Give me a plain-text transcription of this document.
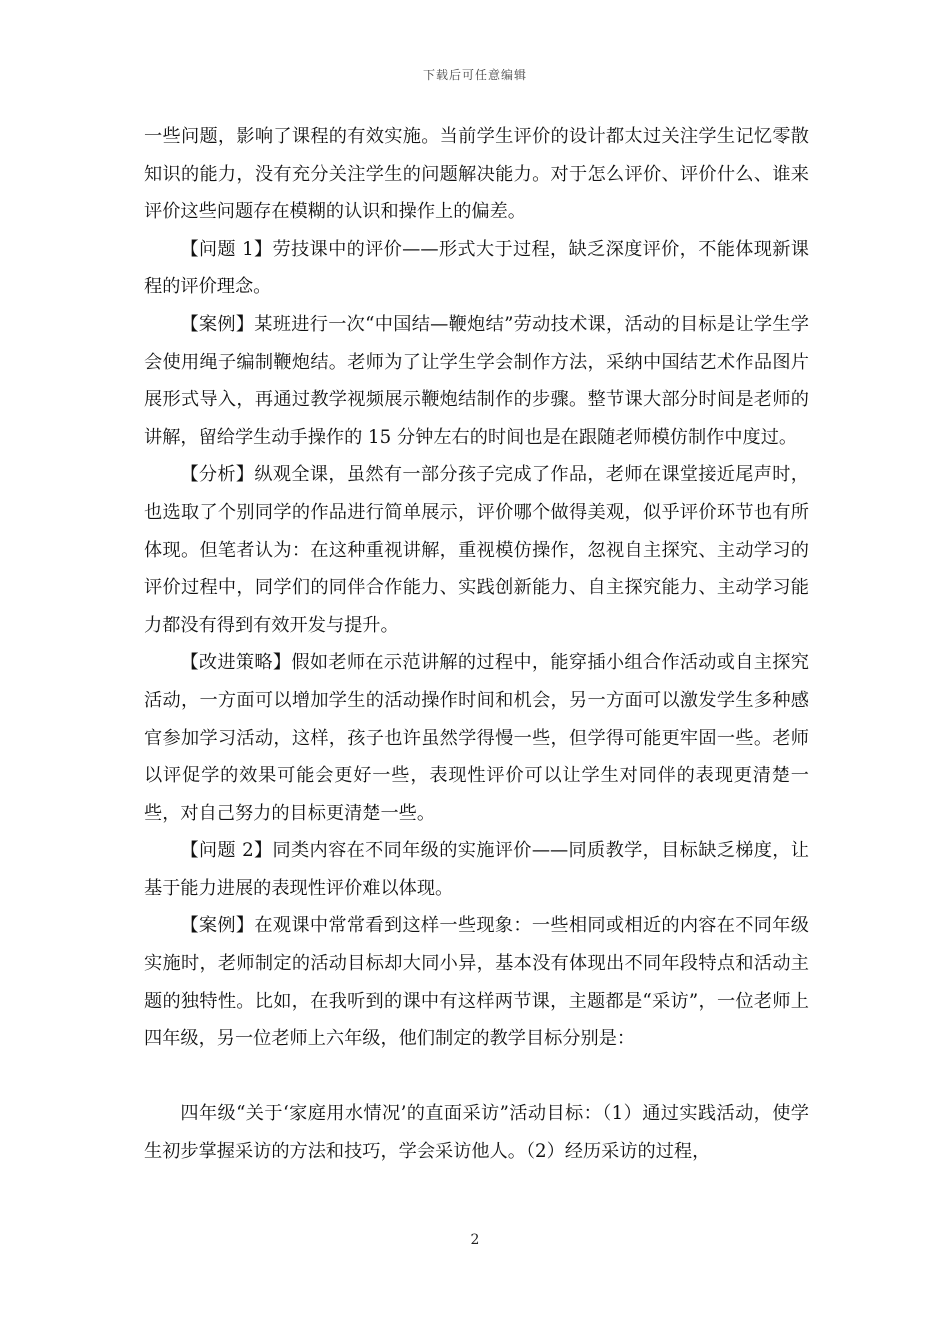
下载后可任意编辑

一些问题，影响了课程的有效实施。当前学生评价的设计都太过关注学生记忆零散知识的能力，没有充分关注学生的问题解决能力。对于怎么评价、评价什么、谁来评价这些问题存在模糊的认识和操作上的偏差。

【问题 1】劳技课中的评价——形式大于过程，缺乏深度评价，不能体现新课程的评价理念。

【案例】某班进行一次“中国结—鞭炮结”劳动技术课，活动的目标是让学生学会使用绳子编制鞭炮结。老师为了让学生学会制作方法，采纳中国结艺术作品图片展形式导入，再通过教学视频展示鞭炮结制作的步骤。整节课大部分时间是老师的讲解，留给学生动手操作的 15 分钟左右的时间也是在跟随老师模仿制作中度过。

【分析】纵观全课，虽然有一部分孩子完成了作品，老师在课堂接近尾声时，也选取了个别同学的作品进行简单展示，评价哪个做得美观，似乎评价环节也有所体现。但笔者认为：在这种重视讲解，重视模仿操作，忽视自主探究、主动学习的评价过程中，同学们的同伴合作能力、实践创新能力、自主探究能力、主动学习能力都没有得到有效开发与提升。

【改进策略】假如老师在示范讲解的过程中，能穿插小组合作活动或自主探究活动，一方面可以增加学生的活动操作时间和机会，另一方面可以激发学生多种感官参加学习活动，这样，孩子也许虽然学得慢一些，但学得可能更牢固一些。老师以评促学的效果可能会更好一些，表现性评价可以让学生对同伴的表现更清楚一些，对自己努力的目标更清楚一些。

【问题 2】同类内容在不同年级的实施评价——同质教学，目标缺乏梯度，让基于能力进展的表现性评价难以体现。

【案例】在观课中常常看到这样一些现象：一些相同或相近的内容在不同年级实施时，老师制定的活动目标却大同小异，基本没有体现出不同年段特点和活动主题的独特性。比如，在我听到的课中有这样两节课，主题都是“采访”，一位老师上四年级，另一位老师上六年级，他们制定的教学目标分别是：

四年级“关于‘家庭用水情况’的直面采访”活动目标：（1）通过实践活动，使学生初步掌握采访的方法和技巧，学会采访他人。（2）经历采访的过程，

2
